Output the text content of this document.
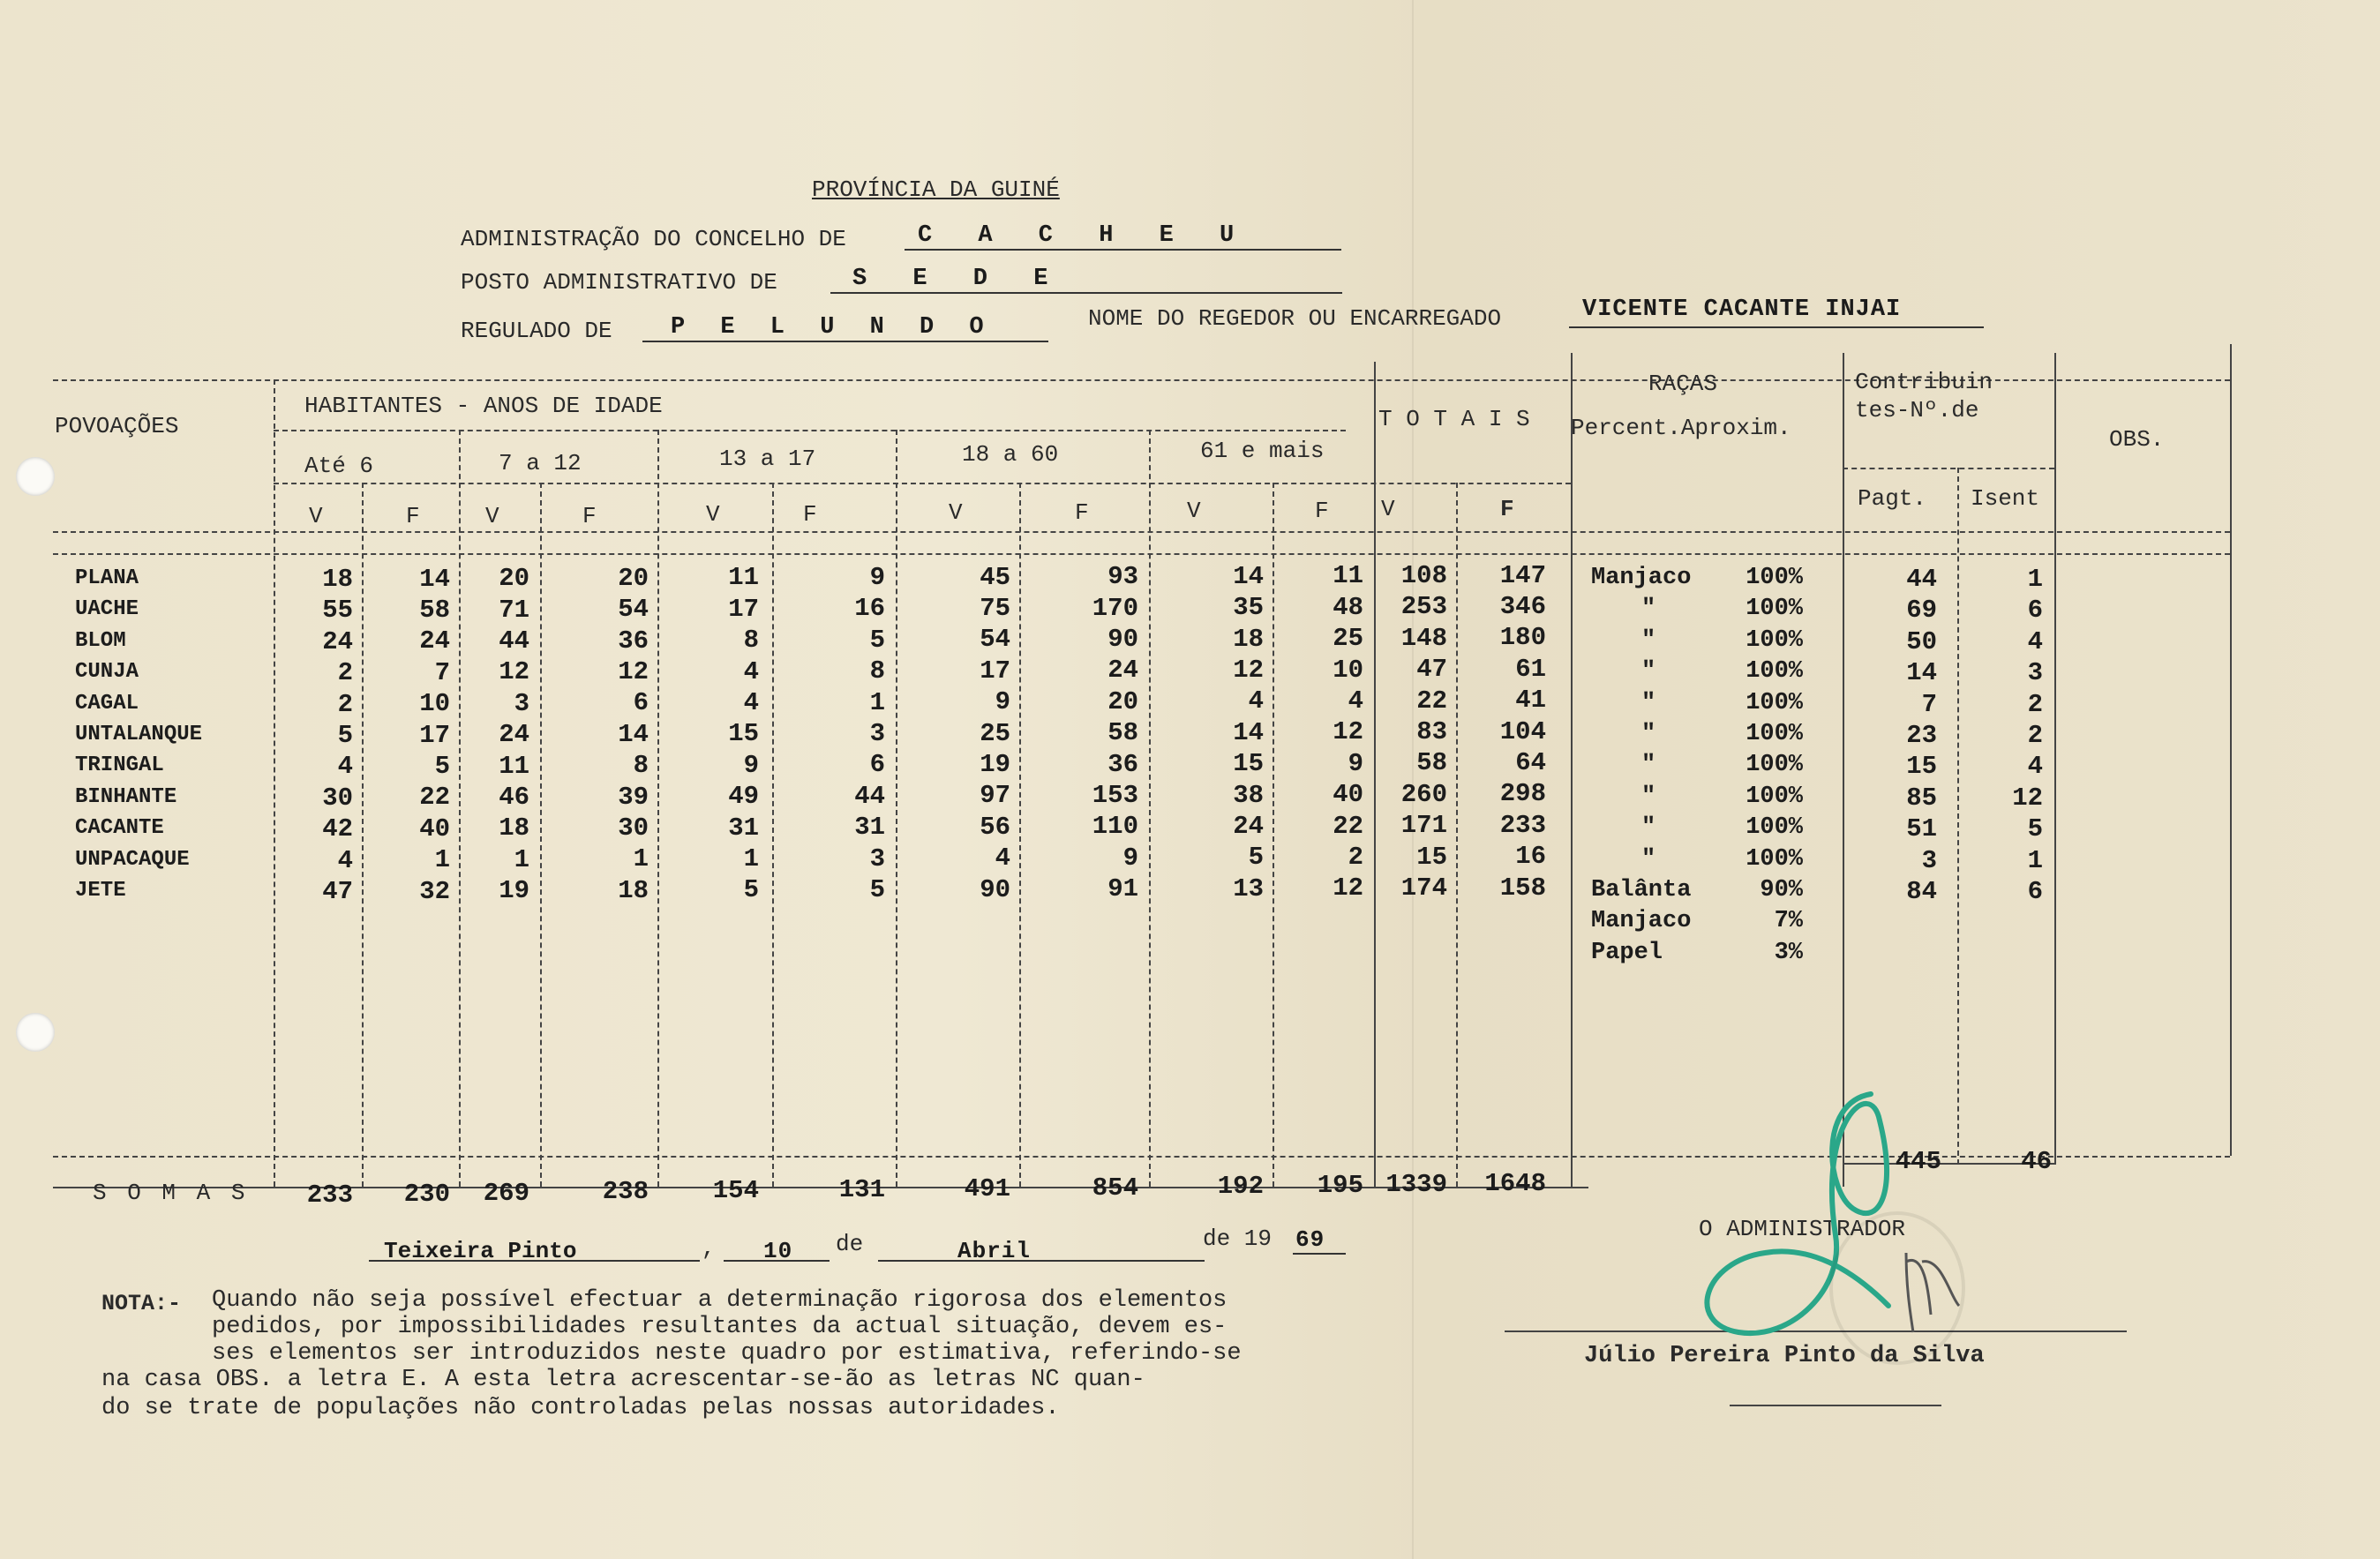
PROVÍNCIA DA GUINÉ
ADMINISTRAÇÃO DO CONCELHO DE	C A C H E U
POSTO ADMINISTRATIVO DE	S E D E
REGULADO DE P E L U N D O	NOME DO REGEDOR OU ENCARREGADO	VICENTE CACANTE INJAI
POVOAÇÕES
HABITANTES - ANOS DE IDADE
Até 6	7 a 12	13 a 17	18 a 60	61 e mais
T O T A I S
RAÇAS
Percent.Aproxim.
Contribuin
tes-Nº.de
OBS.
Pagt. Isent
V	F	V	F	V	F	V	F	V	F V	F
PLANA	18	14	20	20	11	9	45	93	14	11	108	147 Manjaco	100%	44	1
UACHE	55	58	71	54	17	16	75	170	35	48	253	346	"	100%	69	6
BLOM	24	24	44	36	8	5	54	90	18	25	148	180	"	100%	50	4
CUNJA	2	7	12	12	4	8	17	24	12	10	47	61	"	100%	14	3
CAGAL	2	10	3	6	4	1	9	20	4	4	22	41	"	100%	7	2
UNTALANQUE	5	17	24	14	15	3	25	58	14	12	83	104	"	100%	23	2
TRINGAL	4	5	11	8	9	6	19	36	15	9	58	64	"	100%	15	4
BINHANTE	30	22	46	39	49	44	97	153	38	40	260	298	"	100%	85	12
CACANTE	42	40	18	30	31	31	56	110	24	22	171	233	"	100%	51	5
UNPACAQUE	4	1	1	1	1	3	4	9	5	2	15	16	"	100%	3	1
JETE	47	32	19	18	5	5	90	91	13	12	174	158 Balânta	90%	84	6
Manjaco	7%
Papel	3%
233	230	269	238	154	131	491	854	192	195 1339	1648
445	46
S O M A S
Teixeira Pinto	, 10 de	Abril	de 19 69	O ADMINISTRADOR
Júlio Pereira Pinto da Silva
NOTA:- Quando não seja possível efectuar a determinação rigorosa dos elementos
pedidos, por impossibilidades resultantes da actual situação, devem es-
ses elementos ser introduzidos neste quadro por estimativa, referindo-se
na casa OBS. a letra E. A esta letra acrescentar-se-ão as letras NC quan-
do se trate de populações não controladas pelas nossas autoridades.
